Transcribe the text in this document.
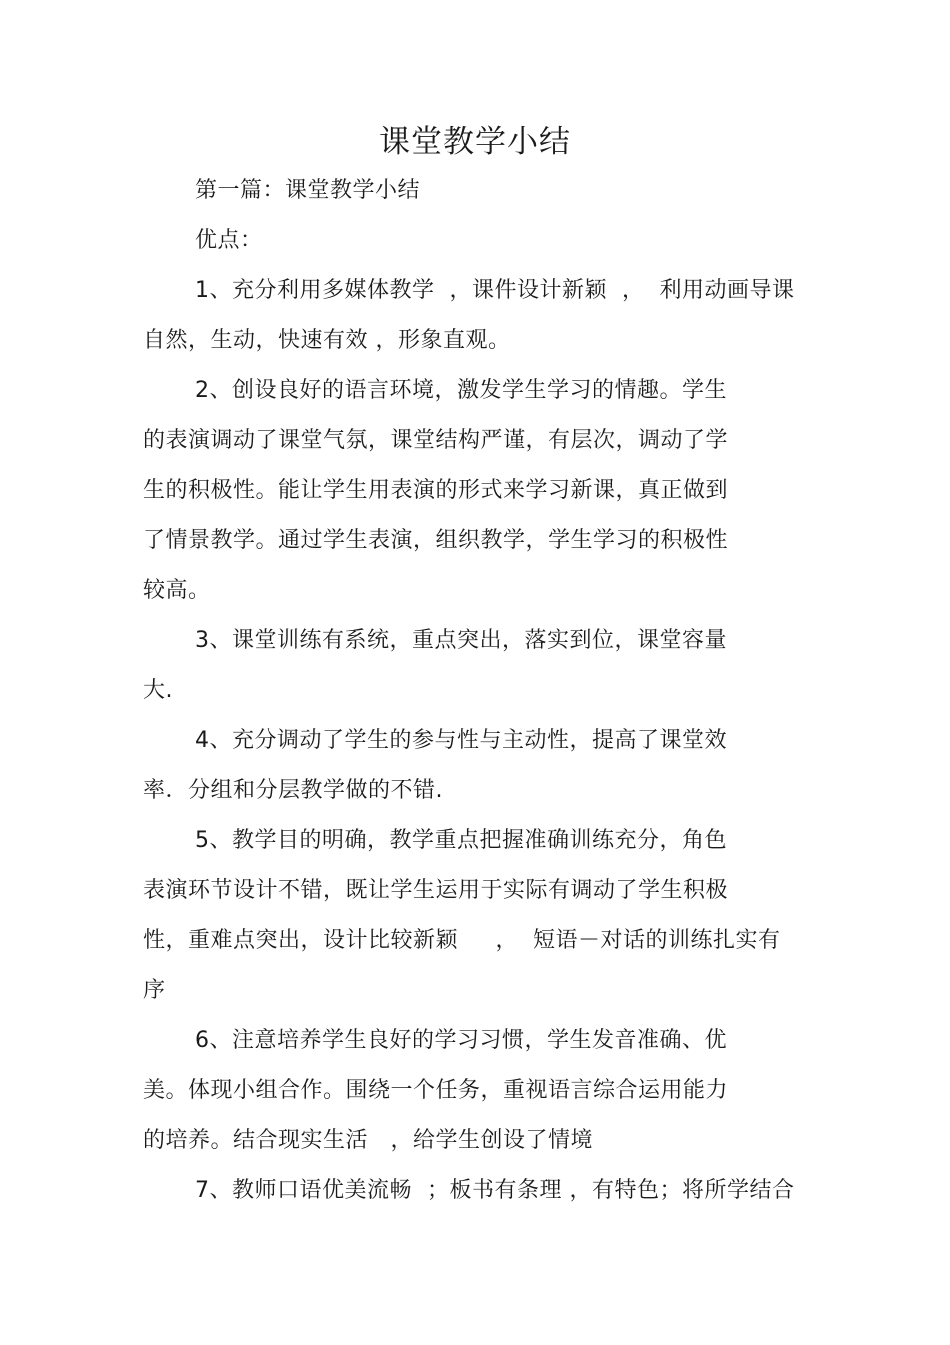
课堂教学小结
第一篇：课堂教学小结
优点：
1、充分利用多媒体教学  ，课件设计新颖  ，  利用动画导课
自然，生动，快速有效 ，形象直观。
2、创设良好的语言环境，激发学生学习的情趣。学生
的表演调动了课堂气氛，课堂结构严谨，有层次，调动了学
生的积极性。能让学生用表演的形式来学习新课，真正做到
了情景教学。通过学生表演，组织教学，学生学习的积极性
较高。
3、课堂训练有系统，重点突出，落实到位，课堂容量
大.
4、充分调动了学生的参与性与主动性，提高了课堂效
率．分组和分层教学做的不错.
5、教学目的明确，教学重点把握准确训练充分，角色
表演环节设计不错，既让学生运用于实际有调动了学生积极
性，重难点突出，设计比较新颖     ，  短语－对话的训练扎实有
序
6、注意培养学生良好的学习习惯，学生发音准确、优
美。体现小组合作。围绕一个任务，重视语言综合运用能力
的培养。结合现实生活   ，给学生创设了情境
7、教师口语优美流畅  ；板书有条理 ，有特色；将所学结合
